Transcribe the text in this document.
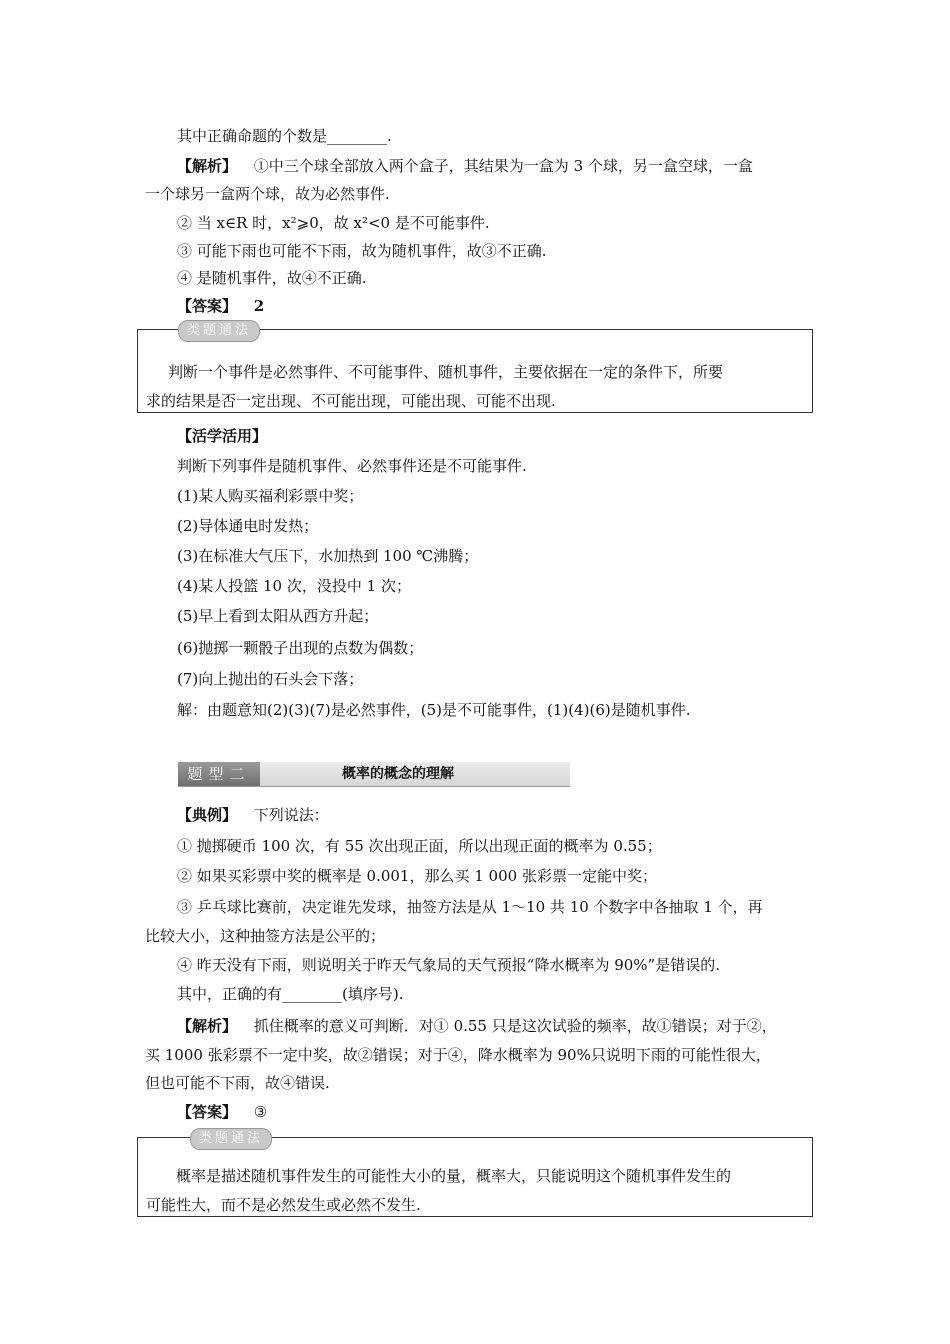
其中正确命题的个数是________.
【解析】 ①中三个球全部放入两个盒子，其结果为一盒为 3 个球，另一盒空球，一盒
一个球另一盒两个球，故为必然事件.
② 当 x∈R 时，x²⩾0，故 x²<0 是不可能事件.
③ 可能下雨也可能不下雨，故为随机事件，故③不正确.
④ 是随机事件，故④不正确.
【答案】 2
判断一个事件是必然事件、不可能事件、随机事件，主要依据在一定的条件下，所要
求的结果是否一定出现、不可能出现，可能出现、可能不出现.
类题通法
【活学活用】
判断下列事件是随机事件、必然事件还是不可能事件.
(1)某人购买福利彩票中奖；
(2)导体通电时发热；
(3)在标准大气压下，水加热到 100 ℃沸腾；
(4)某人投篮 10 次，没投中 1 次；
(5)早上看到太阳从西方升起；
(6)抛掷一颗骰子出现的点数为偶数；
(7)向上抛出的石头会下落；
解：由题意知(2)(3)(7)是必然事件，(5)是不可能事件，(1)(4)(6)是随机事件.
题型二	概率的概念的理解
【典例】 下列说法：
① 抛掷硬币 100 次，有 55 次出现正面，所以出现正面的概率为 0.55；
② 如果买彩票中奖的概率是 0.001，那么买 1 000 张彩票一定能中奖；
③ 乒乓球比赛前，决定谁先发球，抽签方法是从 1～10 共 10 个数字中各抽取 1 个，再
比较大小，这种抽签方法是公平的；
④ 昨天没有下雨，则说明关于昨天气象局的天气预报“降水概率为 90%”是错误的.
其中，正确的有________(填序号).
【解析】 抓住概率的意义可判断．对① 0.55 只是这次试验的频率，故①错误；对于②，
买 1000 张彩票不一定中奖，故②错误；对于④，降水概率为 90%只说明下雨的可能性很大，
但也可能不下雨，故④错误.
【答案】 ③
概率是描述随机事件发生的可能性大小的量，概率大，只能说明这个随机事件发生的
可能性大，而不是必然发生或必然不发生.
类题通法
